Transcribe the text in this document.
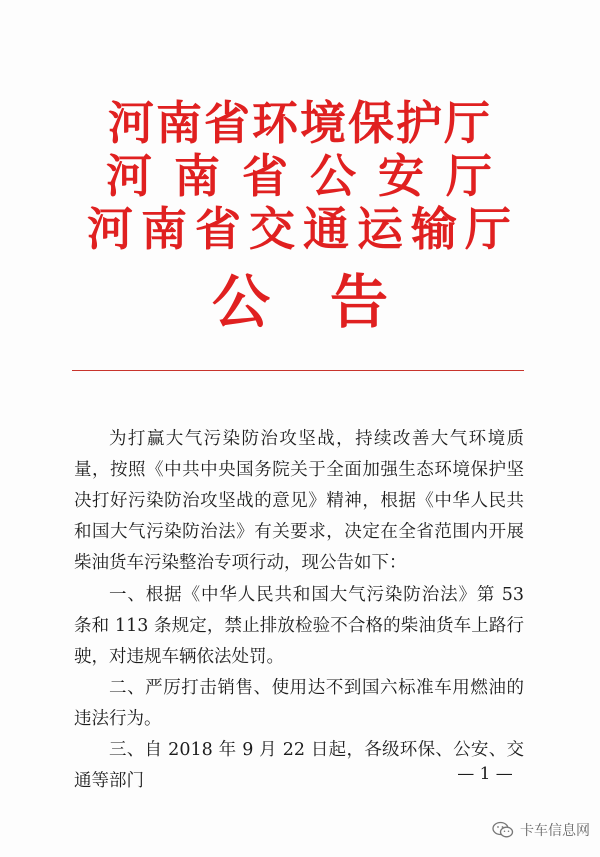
河南省环境保护厅
河南省公安厅
河南省交通运输厅
公告

为打赢大气污染防治攻坚战，持续改善大气环境质量，按照《中共中央国务院关于全面加强生态环境保护坚决打好污染防治攻坚战的意见》精神，根据《中华人民共和国大气污染防治法》有关要求，决定在全省范围内开展柴油货车污染整治专项行动，现公告如下：

一、根据《中华人民共和国大气污染防治法》第 53 条和 113 条规定，禁止排放检验不合格的柴油货车上路行驶，对违规车辆依法处罚。

二、严厉打击销售、使用达不到国六标准车用燃油的违法行为。

三、自 2018 年 9 月 22 日起，各级环保、公安、交通等部门	— 1 —
卡车信息网
